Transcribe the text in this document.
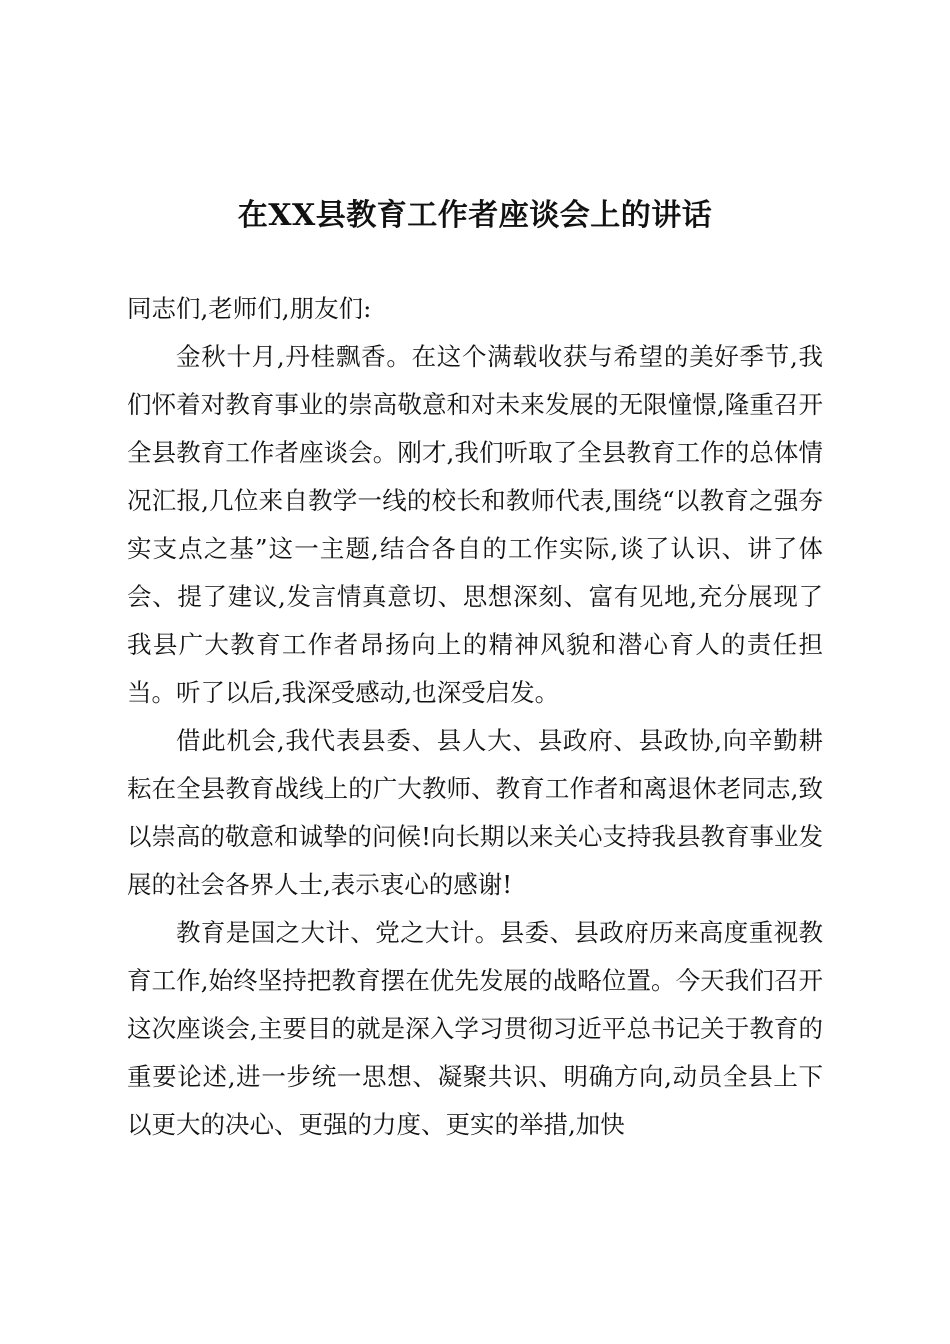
在XX县教育工作者座谈会上的讲话

同志们,老师们,朋友们:

金秋十月,丹桂飘香。在这个满载收获与希望的美好季节,我们怀着对教育事业的崇高敬意和对未来发展的无限憧憬,隆重召开全县教育工作者座谈会。刚才,我们听取了全县教育工作的总体情况汇报,几位来自教学一线的校长和教师代表,围绕“以教育之强夯实支点之基”这一主题,结合各自的工作实际,谈了认识、讲了体会、提了建议,发言情真意切、思想深刻、富有见地,充分展现了我县广大教育工作者昂扬向上的精神风貌和潜心育人的责任担当。听了以后,我深受感动,也深受启发。

借此机会,我代表县委、县人大、县政府、县政协,向辛勤耕耘在全县教育战线上的广大教师、教育工作者和离退休老同志,致以崇高的敬意和诚挚的问候!向长期以来关心支持我县教育事业发展的社会各界人士,表示衷心的感谢!

教育是国之大计、党之大计。县委、县政府历来高度重视教育工作,始终坚持把教育摆在优先发展的战略位置。今天我们召开这次座谈会,主要目的就是深入学习贯彻习近平总书记关于教育的重要论述,进一步统一思想、凝聚共识、明确方向,动员全县上下以更大的决心、更强的力度、更实的举措,加快
